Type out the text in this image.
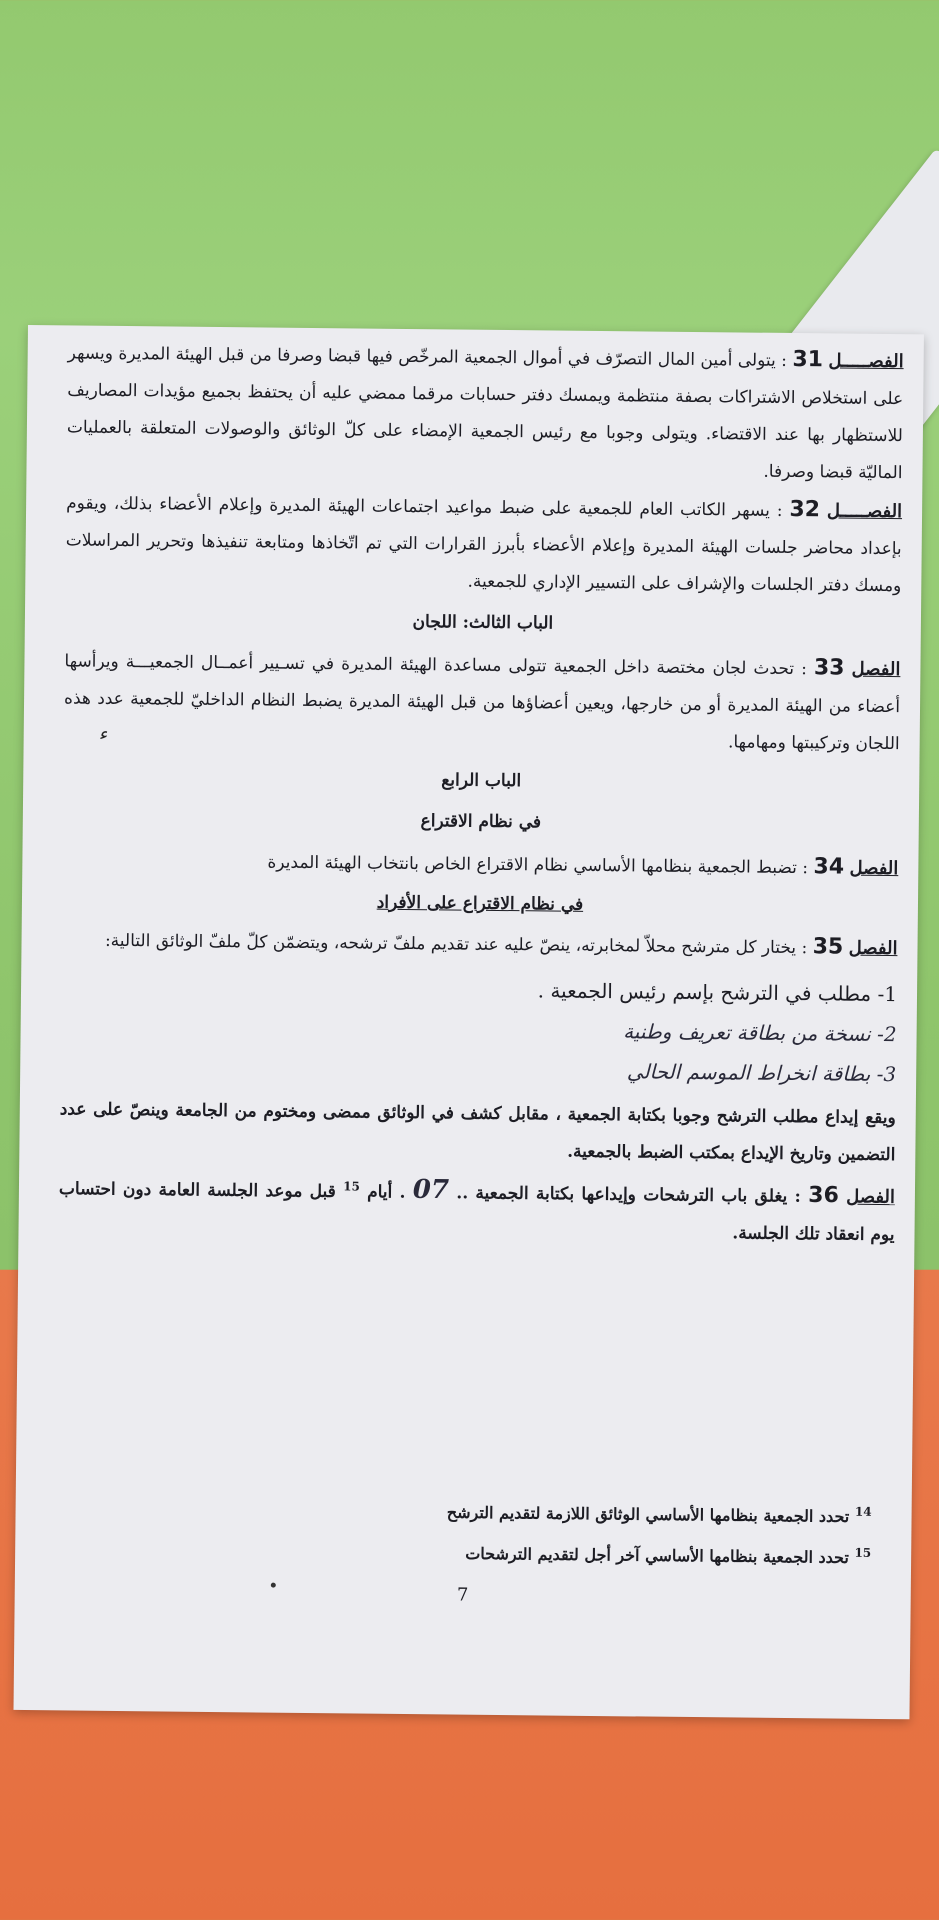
ء

الفصـــــل 31 : يتولى أمين المال التصرّف في أموال الجمعية المرخّص فيها قبضا وصرفا من قبل الهيئة المديرة ويسهر على استخلاص الاشتراكات بصفة منتظمة ويمسك دفتر حسابات مرقما ممضي عليه أن يحتفظ بجميع مؤيدات المصاريف للاستظهار بها عند الاقتضاء. ويتولى وجوبا مع رئيس الجمعية الإمضاء على كلّ الوثائق والوصولات المتعلقة بالعمليات الماليّة قبضا وصرفا.

الفصـــــل 32 : يسهر الكاتب العام للجمعية على ضبط مواعيد اجتماعات الهيئة المديرة وإعلام الأعضاء بذلك، ويقوم بإعداد محاضر جلسات الهيئة المديرة وإعلام الأعضاء بأبرز القرارات التي تم اتّخاذها ومتابعة تنفيذها وتحرير المراسلات ومسك دفتر الجلسات والإشراف على التسيير الإداري للجمعية.

الباب الثالث: اللجان

الفصل 33 : تحدث لجان مختصة داخل الجمعية تتولى مساعدة الهيئة المديرة في تسـيير أعمــال الجمعيـــة ويرأسها أعضاء من الهيئة المديرة أو من خارجها، ويعين أعضاؤها من قبل الهيئة المديرة يضبط النظام الداخليّ للجمعية عدد هذه اللجان وتركيبتها ومهامها.

الباب الرابع
في نظام الاقتراع

الفصل 34 : تضبط الجمعية بنظامها الأساسي نظام الاقتراع الخاص بانتخاب الهيئة المديرة

في نظام الاقتراع على الأفراد

الفصل 35 : يختار كل مترشح محلاّ لمخابرته، ينصّ عليه عند تقديم ملفّ ترشحه، ويتضمّن كلّ ملفّ الوثائق التالية:

1- مطلب في الترشح بإسم رئيس الجمعية .
2- نسخة من بطاقة تعريف وطنية
3- بطاقة انخراط الموسم الحالي

ويقع إيداع مطلب الترشح وجوبا بكتابة الجمعية ، مقابل كشف في الوثائق ممضى ومختوم من الجامعة وينصّ على عدد التضمين وتاريخ الإيداع بمكتب الضبط بالجمعية.

الفصل 36 : يغلق باب الترشحات وإيداعها بكتابة الجمعية .. 07 . أيام $^{15}$ قبل موعد الجلسة العامة دون احتساب يوم انعقاد تلك الجلسة.

$^{14}$ تحدد الجمعية بنظامها الأساسي الوثائق اللازمة لتقديم الترشح
$^{15}$ تحدد الجمعية بنظامها الأساسي آخر أجل لتقديم الترشحات
7
